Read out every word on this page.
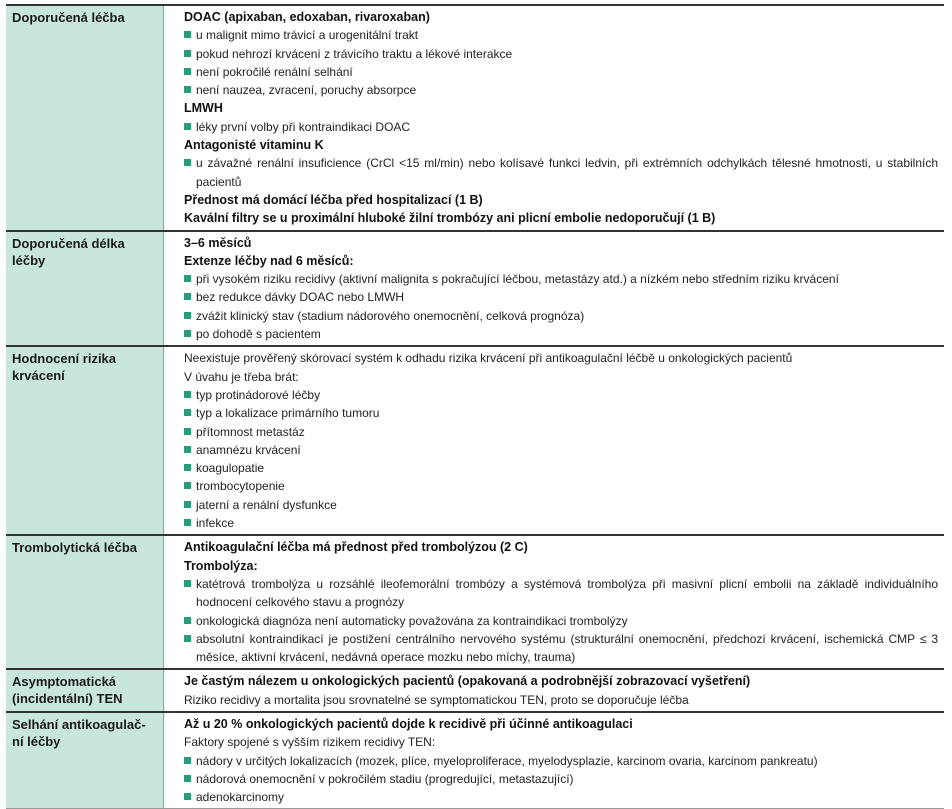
Doporučená léčba	DOAC (apixaban, edoxaban, rivaroxaban)
u malignit mimo trávicí a urogenitální trakt
pokud nehrozí krvácení z trávicího traktu a lékové interakce
není pokročilé renální selhání
není nauzea, zvracení, poruchy absorpce
LMWH
léky první volby při kontraindikaci DOAC
Antagonisté vitaminu K
u závažné renální insuficience (CrCl <15 ml/min) nebo kolísavé funkci ledvin, při extrémních odchylkách tělesné hmotnosti, u stabilních pacientů
Přednost má domácí léčba před hospitalizací (1 B)
Kavální filtry se u proximální hluboké žilní trombózy ani plicní embolie nedoporučují (1 B)
Doporučená délka léčby
3–6 měsíců
Extenze léčby nad 6 měsíců:
při vysokém riziku recidivy (aktivní malignita s pokračující léčbou, metastázy atd.) a nízkém nebo středním riziku krvácení
bez redukce dávky DOAC nebo LMWH
zvážit klinický stav (stadium nádorového onemocnění, celková prognóza)
po dohodě s pacientem
Hodnocení rizika krvácení
Neexistuje prověřený skórovací systém k odhadu rizika krvácení při antikoagulační léčbě u onkologických pacientů
V úvahu je třeba brát:
typ protinádorové léčby
typ a lokalizace primárního tumoru
přítomnost metastáz
anamnézu krvácení
koagulopatie
trombocytopenie
jaterní a renální dysfunkce
infekce
Trombolytická léčba	Antikoagulační léčba má přednost před trombolýzou (2 C)
Trombolýza:
katétrová trombolýza u rozsáhlé ileofemorální trombózy a systémová trombolýza při masivní plicní embolii na základě individuálního hodnocení celkového stavu a prognózy
onkologická diagnóza není automaticky považována za kontraindikaci trombolýzy
absolutní kontraindikací je postižení centrálního nervového systému (strukturální onemocnění, předchozí krvácení, ischemická CMP ≤ 3 měsíce, aktivní krvácení, nedávná operace mozku nebo míchy, trauma)
Asymptomatická (incidentální) TEN
Je častým nálezem u onkologických pacientů (opakovaná a podrobnější zobrazovací vyšetření)
Riziko recidivy a mortalita jsou srovnatelné se symptomatickou TEN, proto se doporučuje léčba
Selhání antikoagulač-ní léčby
Až u 20 % onkologických pacientů dojde k recidivě při účinné antikoagulaci
Faktory spojené s vyšším rizikem recidivy TEN:
nádory v určitých lokalizacích (mozek, plíce, myeloproliferace, myelodysplazie, karcinom ovaria, karcinom pankreatu)
nádorová onemocnění v pokročilém stadiu (progredující, metastazující)
adenokarcinomy
